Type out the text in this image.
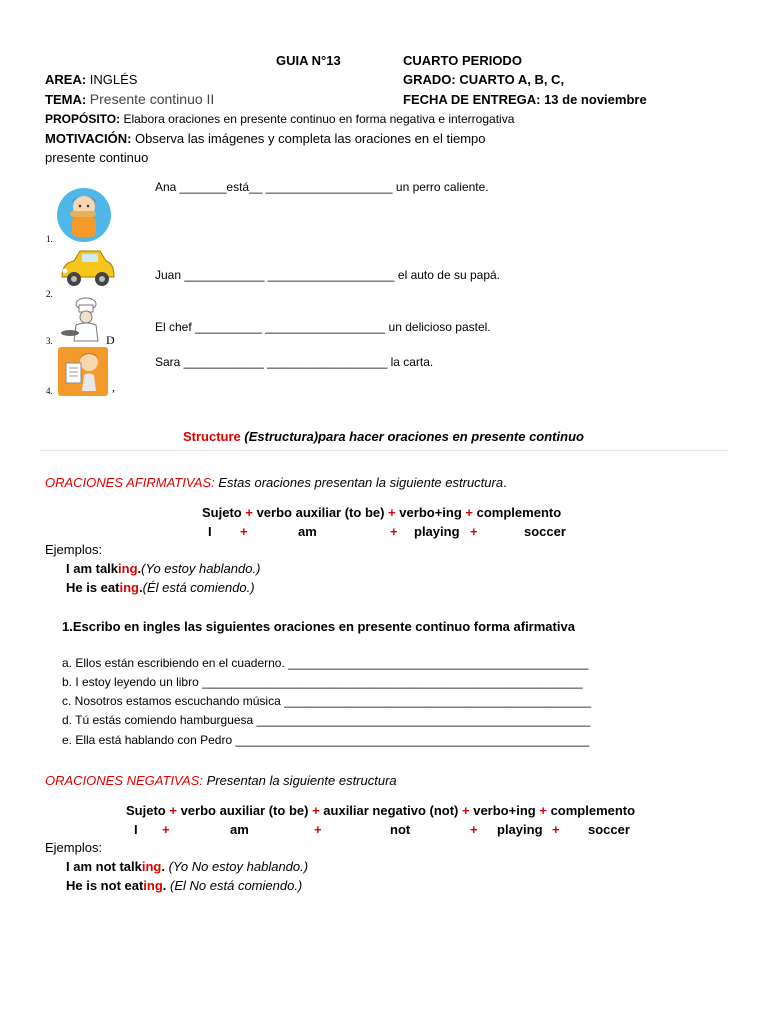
GUIA N°13	CUARTO PERIODO
AREA: INGLÉS	GRADO: CUARTO A, B, C,
TEMA: Presente continuo II	FECHA DE ENTREGA: 13 de noviembre
PROPÓSITO: Elabora oraciones en presente continuo en forma negativa e interrogativa
MOTIVACIÓN: Observa las imágenes y completa las oraciones en el tiempo
presente continuo
1.
2.
D
3.
,
4.
Ana _______está__ ___________________ un perro caliente.
Juan ____________ ___________________ el auto de su papá.
El chef __________ __________________ un delicioso pastel.
Sara ____________ __________________ la carta.
Structure (Estructura)para hacer oraciones en presente continuo
ORACIONES AFIRMATIVAS: Estas oraciones presentan la siguiente estructura.
Sujeto + verbo auxiliar (to be) + verbo+ing + complemento
I +	am	+ playing +	soccer
Ejemplos:
I am talking.(Yo estoy hablando.)
He is eating.(Él está comiendo.)
1.Escribo en ingles las siguientes oraciones en presente continuo forma afirmativa
a. Ellos están escribiendo en el cuaderno. _____________________________________________
b. I estoy leyendo un libro _________________________________________________________
c. Nosotros estamos escuchando música ______________________________________________
d. Tú estás comiendo hamburguesa __________________________________________________
e. Ella está hablando con Pedro _____________________________________________________
ORACIONES NEGATIVAS: Presentan la siguiente estructura
Sujeto + verbo auxiliar (to be) + auxiliar negativo (not) + verbo+ing + complemento
I +	am	+	not	+ playing + soccer
Ejemplos:
I am not talking. (Yo No estoy hablando.)
He is not eating. (El No está comiendo.)
